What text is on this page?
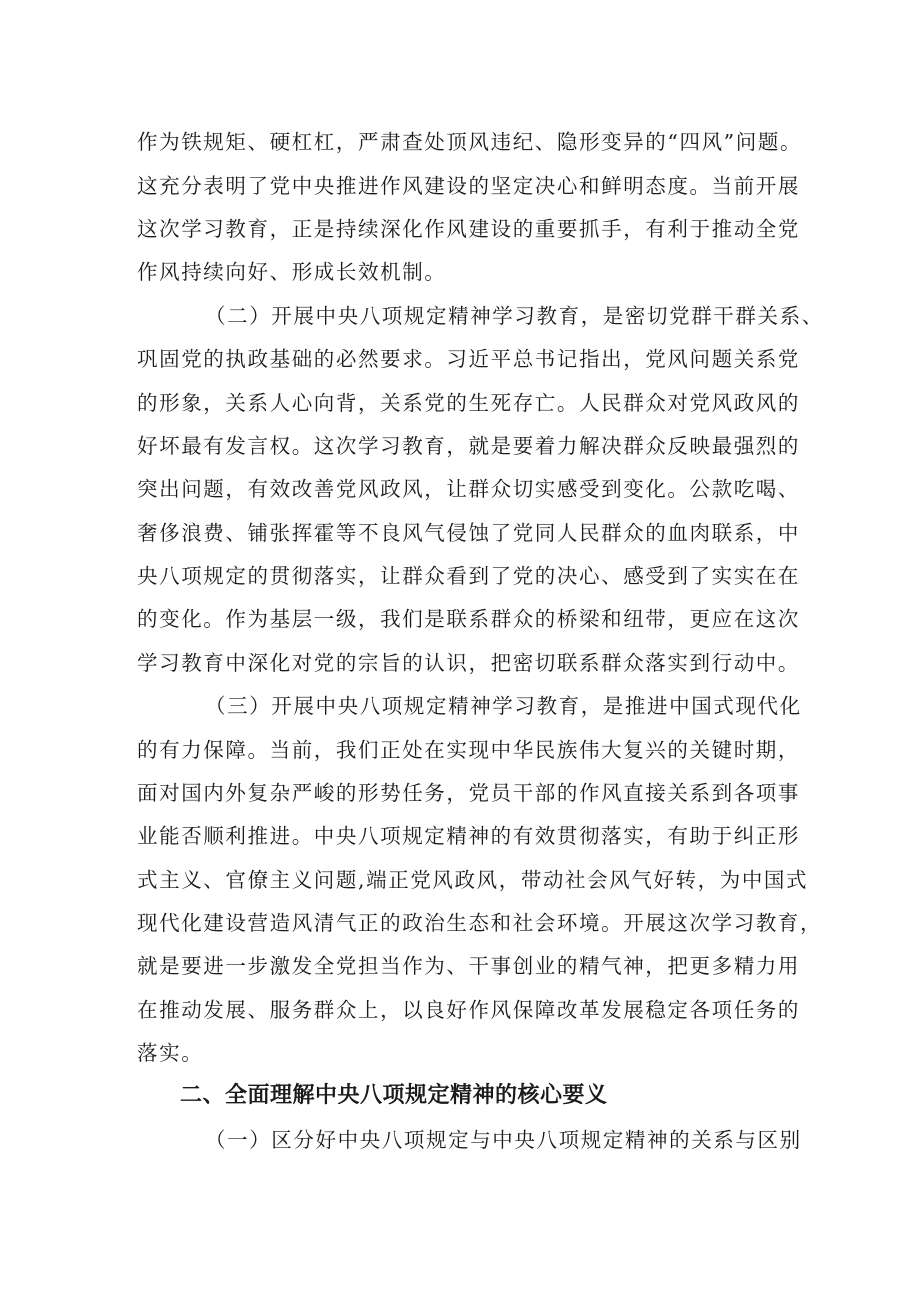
作为铁规矩、硬杠杠，严肃查处顶风违纪、隐形变异的“四风”问题。
这充分表明了党中央推进作风建设的坚定决心和鲜明态度。当前开展
这次学习教育，正是持续深化作风建设的重要抓手，有利于推动全党
作风持续向好、形成长效机制。
（二）开展中央八项规定精神学习教育，是密切党群干群关系、
巩固党的执政基础的必然要求。习近平总书记指出，党风问题关系党
的形象，关系人心向背，关系党的生死存亡。人民群众对党风政风的
好坏最有发言权。这次学习教育，就是要着力解决群众反映最强烈的
突出问题，有效改善党风政风，让群众切实感受到变化。公款吃喝、
奢侈浪费、铺张挥霍等不良风气侵蚀了党同人民群众的血肉联系，中
央八项规定的贯彻落实，让群众看到了党的决心、感受到了实实在在
的变化。作为基层一级，我们是联系群众的桥梁和纽带，更应在这次
学习教育中深化对党的宗旨的认识，把密切联系群众落实到行动中。
（三）开展中央八项规定精神学习教育，是推进中国式现代化
的有力保障。当前，我们正处在实现中华民族伟大复兴的关键时期，
面对国内外复杂严峻的形势任务，党员干部的作风直接关系到各项事
业能否顺利推进。中央八项规定精神的有效贯彻落实，有助于纠正形
式主义、官僚主义问题,端正党风政风，带动社会风气好转，为中国式
现代化建设营造风清气正的政治生态和社会环境。开展这次学习教育，
就是要进一步激发全党担当作为、干事创业的精气神，把更多精力用
在推动发展、服务群众上，以良好作风保障改革发展稳定各项任务的
落实。
二、全面理解中央八项规定精神的核心要义
（一）区分好中央八项规定与中央八项规定精神的关系与区别
